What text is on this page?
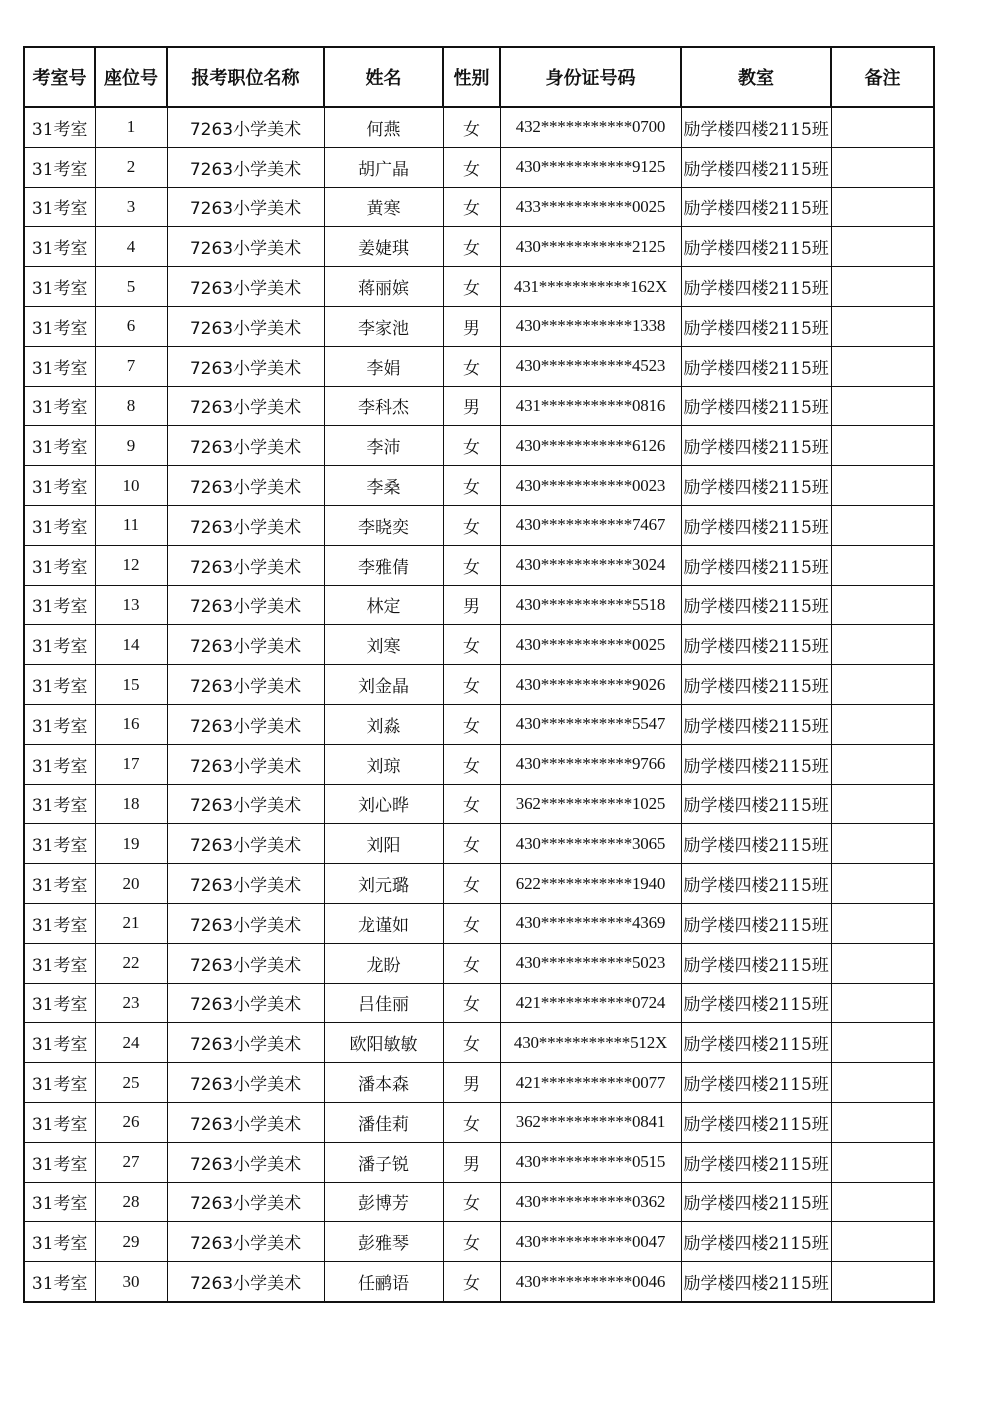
考室号	座位号	报考职位名称	姓名	性别	身份证号码	教室	备注
31考室	1	7263小学美术	何燕	女	432***********0700	励学楼四楼2115班	
31考室	2	7263小学美术	胡广晶	女	430***********9125	励学楼四楼2115班	
31考室	3	7263小学美术	黄寒	女	433***********0025	励学楼四楼2115班	
31考室	4	7263小学美术	姜婕琪	女	430***********2125	励学楼四楼2115班	
31考室	5	7263小学美术	蒋丽嫔	女	431***********162X	励学楼四楼2115班	
31考室	6	7263小学美术	李家池	男	430***********1338	励学楼四楼2115班	
31考室	7	7263小学美术	李娟	女	430***********4523	励学楼四楼2115班	
31考室	8	7263小学美术	李科杰	男	431***********0816	励学楼四楼2115班	
31考室	9	7263小学美术	李沛	女	430***********6126	励学楼四楼2115班	
31考室	10	7263小学美术	李桑	女	430***********0023	励学楼四楼2115班	
31考室	11	7263小学美术	李晓奕	女	430***********7467	励学楼四楼2115班	
31考室	12	7263小学美术	李雅倩	女	430***********3024	励学楼四楼2115班	
31考室	13	7263小学美术	林定	男	430***********5518	励学楼四楼2115班	
31考室	14	7263小学美术	刘寒	女	430***********0025	励学楼四楼2115班	
31考室	15	7263小学美术	刘金晶	女	430***********9026	励学楼四楼2115班	
31考室	16	7263小学美术	刘淼	女	430***********5547	励学楼四楼2115班	
31考室	17	7263小学美术	刘琼	女	430***********9766	励学楼四楼2115班	
31考室	18	7263小学美术	刘心晔	女	362***********1025	励学楼四楼2115班	
31考室	19	7263小学美术	刘阳	女	430***********3065	励学楼四楼2115班	
31考室	20	7263小学美术	刘元璐	女	622***********1940	励学楼四楼2115班	
31考室	21	7263小学美术	龙谨如	女	430***********4369	励学楼四楼2115班	
31考室	22	7263小学美术	龙盼	女	430***********5023	励学楼四楼2115班	
31考室	23	7263小学美术	吕佳丽	女	421***********0724	励学楼四楼2115班	
31考室	24	7263小学美术	欧阳敏敏	女	430***********512X	励学楼四楼2115班	
31考室	25	7263小学美术	潘本森	男	421***********0077	励学楼四楼2115班	
31考室	26	7263小学美术	潘佳莉	女	362***********0841	励学楼四楼2115班	
31考室	27	7263小学美术	潘子锐	男	430***********0515	励学楼四楼2115班	
31考室	28	7263小学美术	彭博芳	女	430***********0362	励学楼四楼2115班	
31考室	29	7263小学美术	彭雅琴	女	430***********0047	励学楼四楼2115班	
31考室	30	7263小学美术	任鹂语	女	430***********0046	励学楼四楼2115班	
